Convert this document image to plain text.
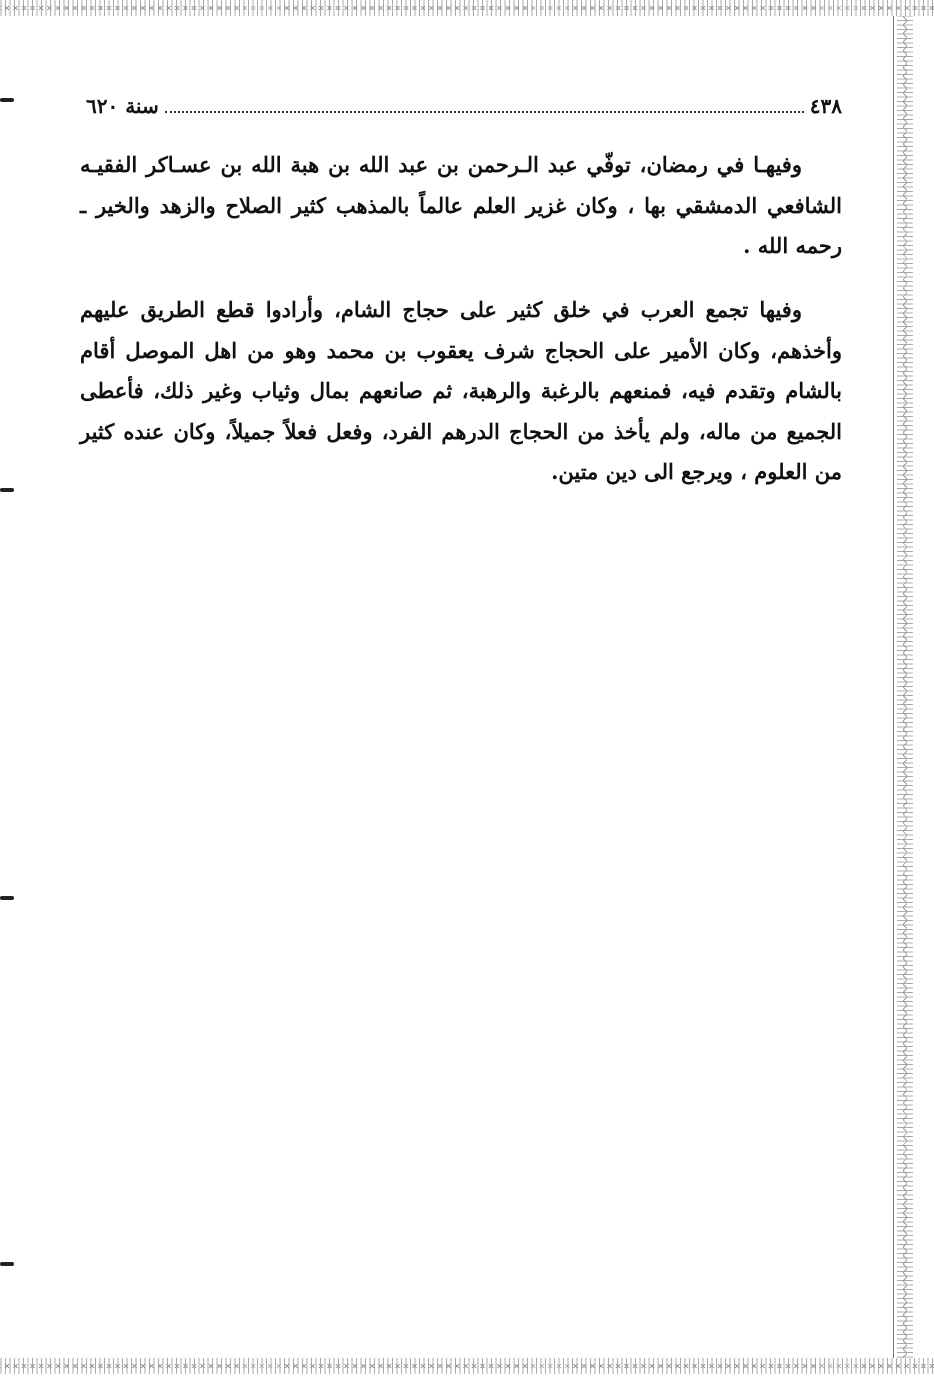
٤٣٨
سنة ٦٢٠

وفيهـا في رمضان، توفّي عبد الـرحمن بن عبد الله بن هبة الله بن عسـاكر الفقيـه الشافعي الدمشقي بها ، وكان غزير العلم عالماً بالمذهب كثير الصلاح والزهد والخير ـ رحمه الله .

وفيها تجمع العرب في خلق كثير على حجاج الشام، وأرادوا قطع الطريق عليهم وأخذهم، وكان الأمير على الحجاج شرف يعقوب بن محمد وهو من اهل الموصل أقام بالشام وتقدم فيه، فمنعهم بالرغبة والرهبة، ثم صانعهم بمال وثياب وغير ذلك، فأعطى الجميع من ماله، ولم يأخذ من الحجاج الدرهم الفرد، وفعل فعلاً جميلاً، وكان عنده كثير من العلوم ، ويرجع الى دين متين.
